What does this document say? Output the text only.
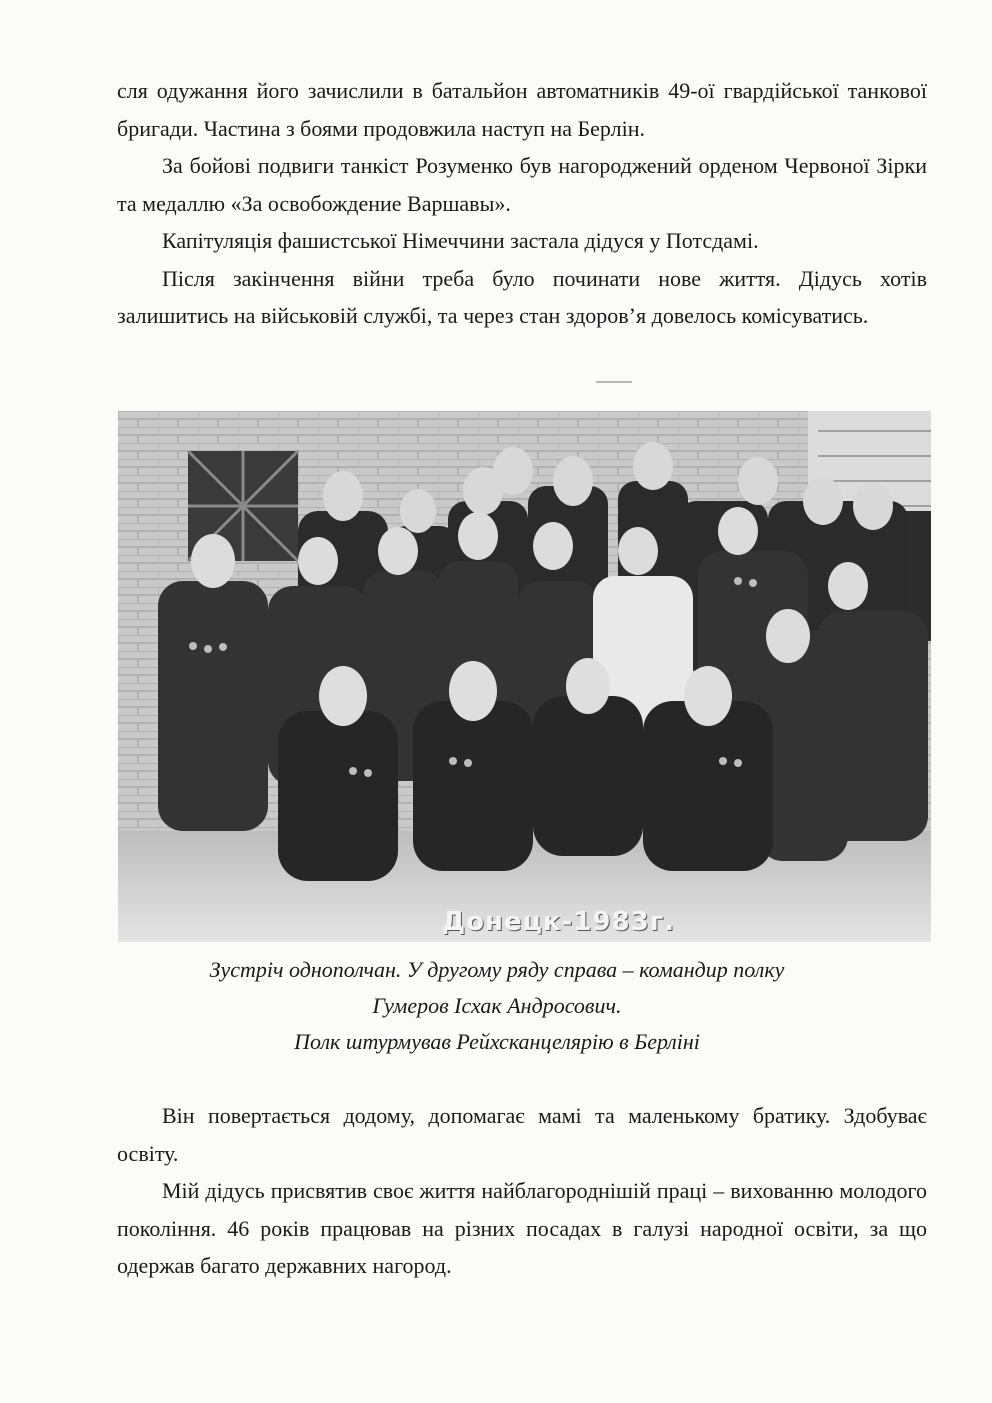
сля одужання його зачислили в батальйон автоматників 49-ої гвардійської танкової бригади. Частина з боями продовжила наступ на Берлін.

За бойові подвиги танкіст Розуменко був нагороджений орденом Червоної Зірки та медаллю «За освобождение Варшавы».

Капітуляція фашистської Німеччини застала дідуся у Потсдамі.

Після закінчення війни треба було починати нове життя. Дідусь хотів залишитись на військовій службі, та через стан здоров’я довелось комісуватись.

Донецк-1983г.
Зустріч однополчан. У другому ряду справа – командир полку
Гумеров Ісхак Андросович.
Полк штурмував Рейхсканцелярію в Берліні

Він повертається додому, допомагає мамі та маленькому братику. Здобуває освіту.

Мій дідусь присвятив своє життя найблагороднішій праці – вихованню молодого покоління. 46 років працював на різних посадах в галузі народної освіти, за що одержав багато державних нагород.
